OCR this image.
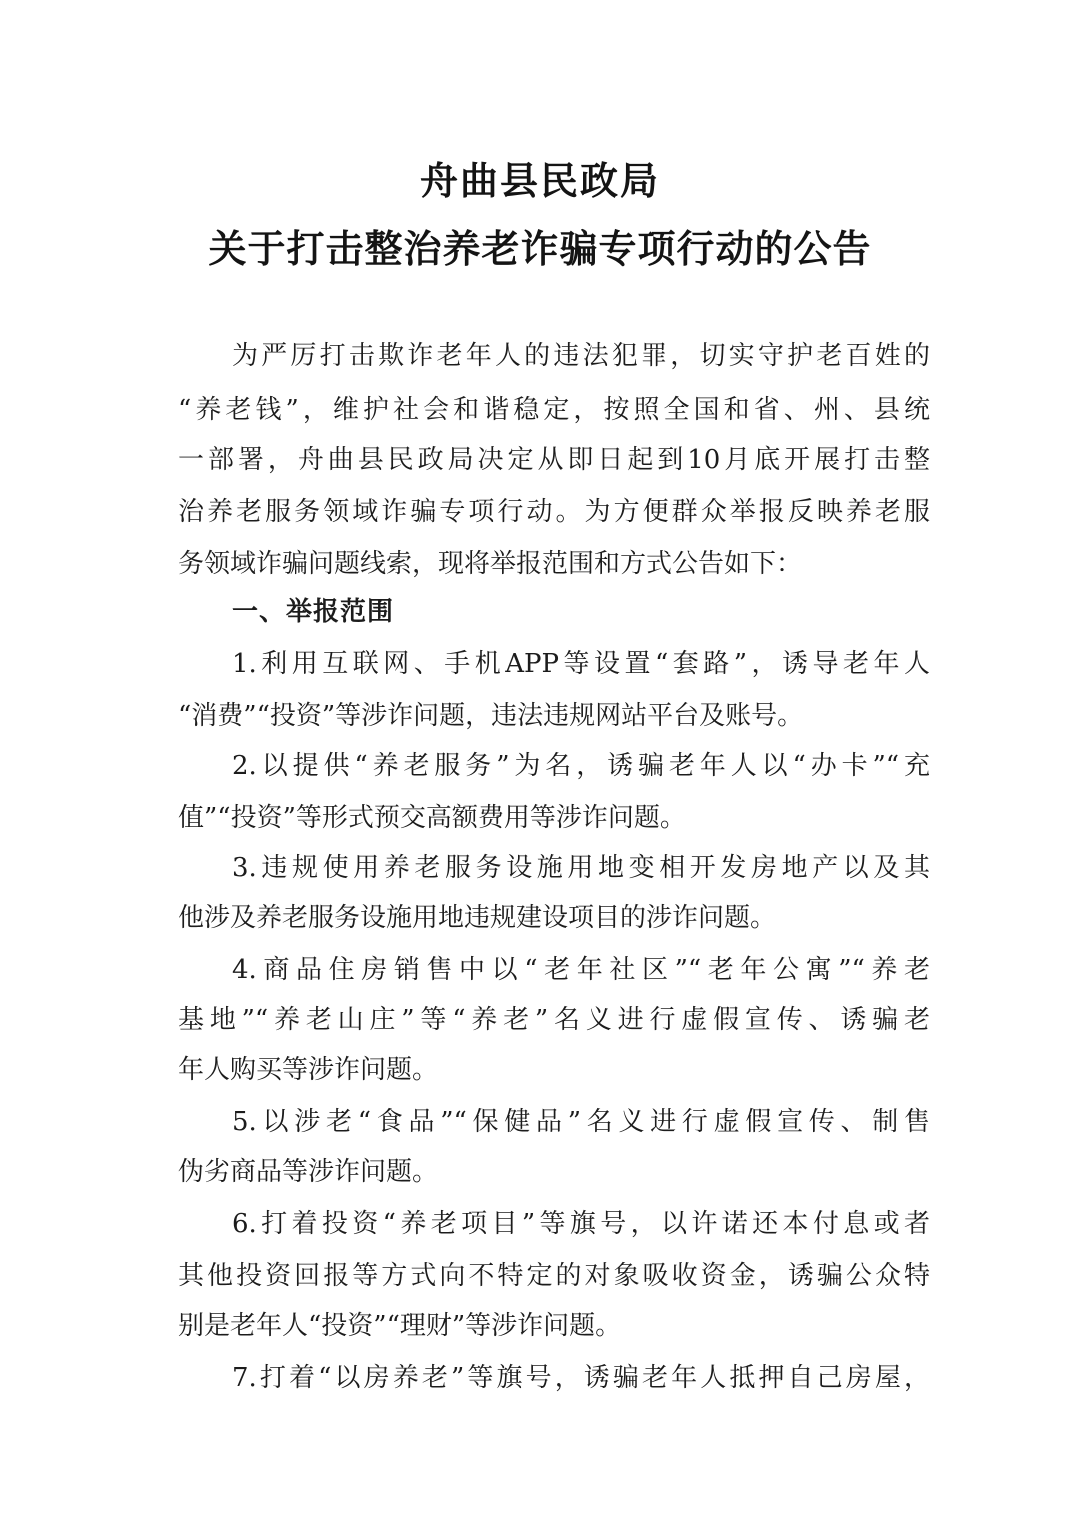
舟曲县民政局
关于打击整治养老诈骗专项行动的公告
为严厉打击欺诈老年人的违法犯罪，切实守护老百姓的
“养老钱”，维护社会和谐稳定，按照全国和省、州、县统
一部署，舟曲县民政局决定从即日起到10月底开展打击整
治养老服务领域诈骗专项行动。为方便群众举报反映养老服
务领域诈骗问题线索，现将举报范围和方式公告如下：
一、举报范围
1.利用互联网、手机APP等设置“套路”，诱导老年人
“消费”“投资”等涉诈问题，违法违规网站平台及账号。
2.以提供“养老服务”为名，诱骗老年人以“办卡”“充
值”“投资”等形式预交高额费用等涉诈问题。
3.违规使用养老服务设施用地变相开发房地产以及其
他涉及养老服务设施用地违规建设项目的涉诈问题。
4.商品住房销售中以“老年社区”“老年公寓”“养老
基地”“养老山庄”等“养老”名义进行虚假宣传、诱骗老
年人购买等涉诈问题。
5.以涉老“食品”“保健品”名义进行虚假宣传、制售
伪劣商品等涉诈问题。
6.打着投资“养老项目”等旗号，以许诺还本付息或者
其他投资回报等方式向不特定的对象吸收资金，诱骗公众特
别是老年人“投资”“理财”等涉诈问题。
7.打着“以房养老”等旗号，诱骗老年人抵押自己房屋，
